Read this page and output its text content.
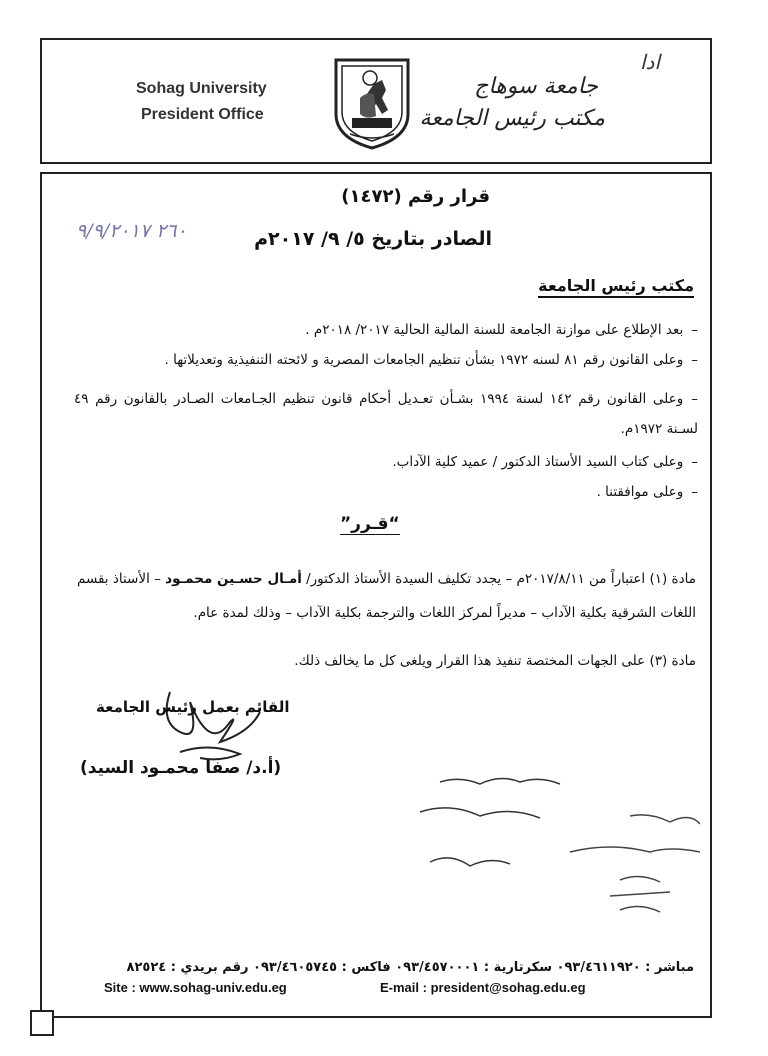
ادا
Sohag University
President Office
جامعة سوهاج
مكتب رئيس الجامعة
قرار رقم (١٤٧٢)
الصادر بتاريخ ٥/ ٩/ ٢٠١٧م
٢٦٠ ٩/٩/٢٠١٧
مكتب رئيس الجامعة
–بعد الإطلاع على موازنة الجامعة للسنة المالية الحالية ٢٠١٧/ ٢٠١٨م .
–وعلى القانون رقم ٨١ لسنه ١٩٧٢ بشأن تنظيم الجامعات المصرية و لائحته التنفيذية وتعديلاتها .
–وعلى القانون رقم ١٤٢ لسنة ١٩٩٤ بشـأن تعـديل أحكام قانون تنظيم الجـامعات الصـادر بالقانون رقم ٤٩ لسـنة ١٩٧٢م.
–وعلى كتاب السيد الأستاذ الدكتور / عميد كلية الآداب.
–وعلى موافقتنا .
“قـرر”
مادة (١) اعتباراً من ٢٠١٧/٨/١١م – يجدد تكليف السيدة الأستاذ الدكتور/ أمـال حسـين محمـود – الأستاذ بقسم اللغات الشرقية بكلية الآداب – مديراً لمركز اللغات والترجمة بكلية الآداب – وذلك لمدة عام.
مادة (٣) على الجهات المختصة تنفيذ هذا القرار ويلغى كل ما يخالف ذلك.
القائم بعمل رئيس الجامعة
(أ.د/ صفا محمـود السيد)
مباشر : ٠٩٣/٤٦١١٩٢٠ سكرتارية : ٠٩٣/٤٥٧٠٠٠١ فاكس : ٠٩٣/٤٦٠٥٧٤٥ رقم بريدي : ٨٢٥٢٤
Site : www.sohag-univ.edu.eg	E-mail : president@sohag.edu.eg
